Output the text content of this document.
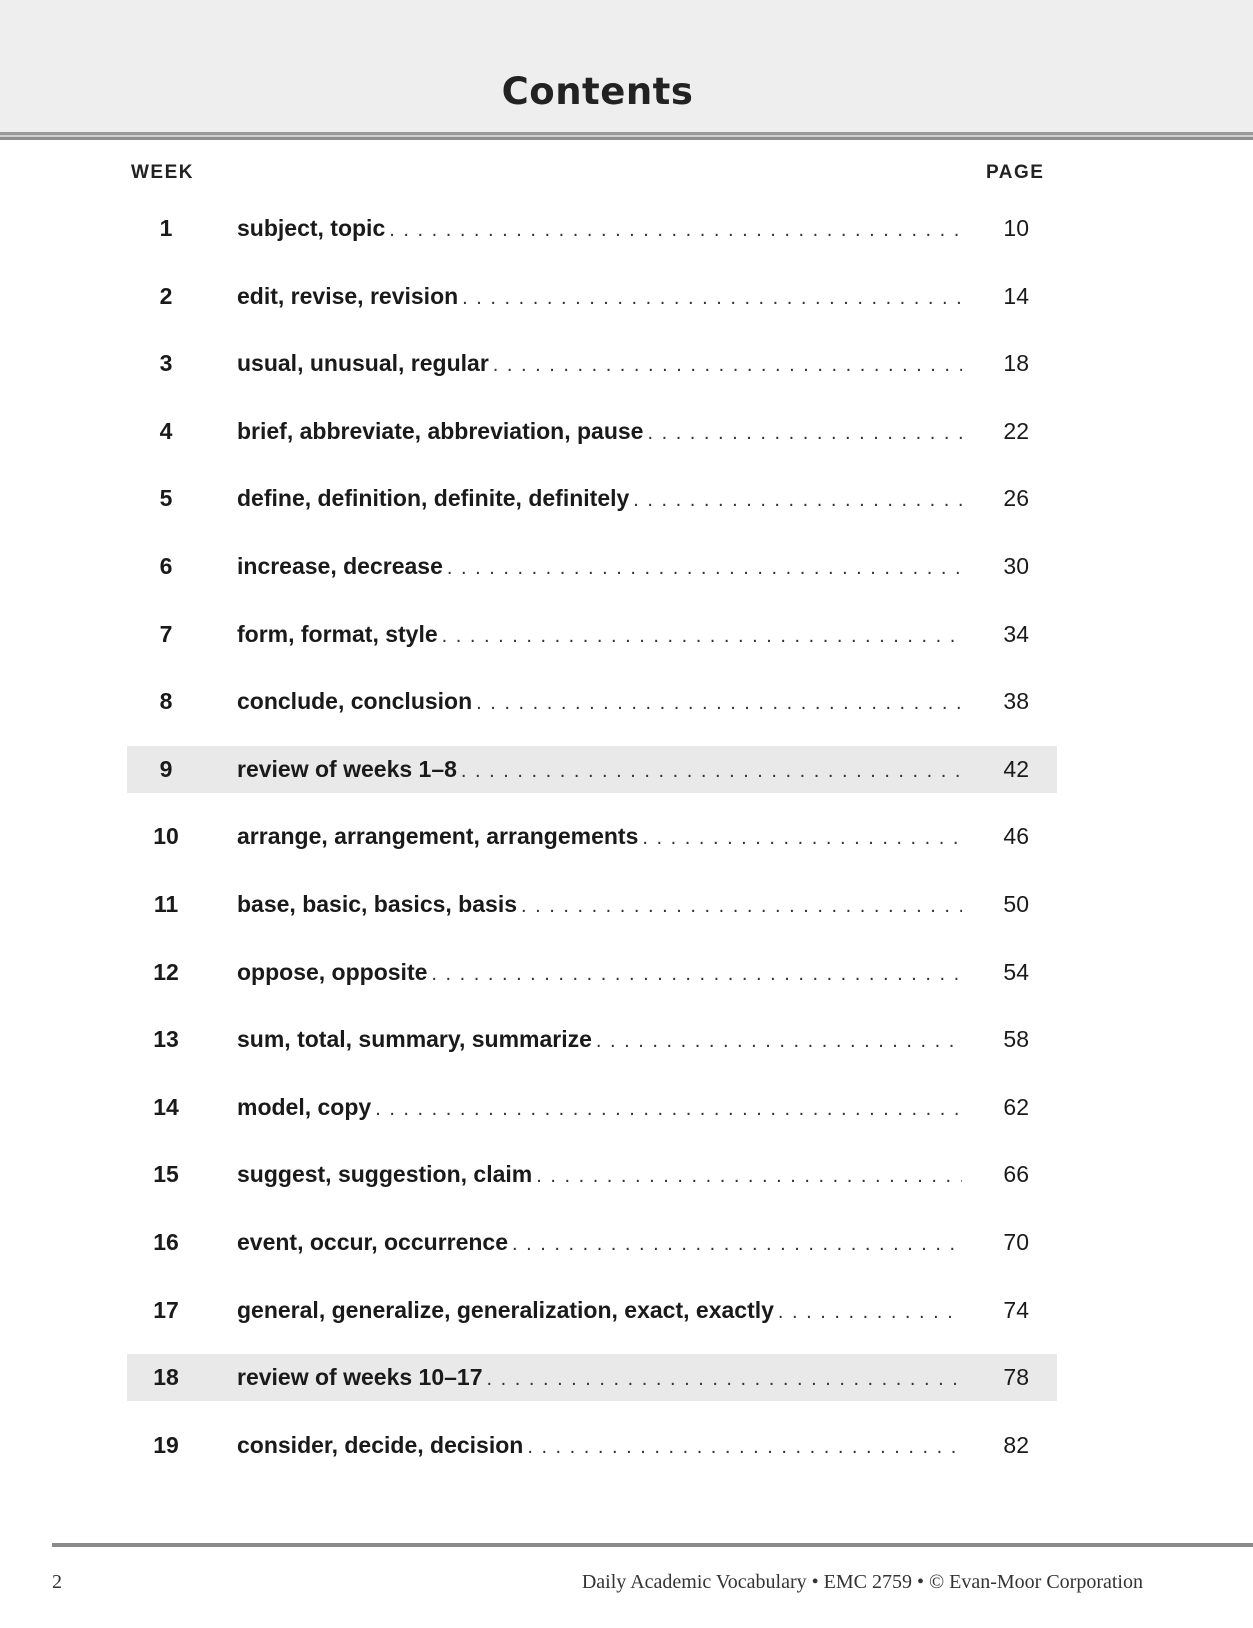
Contents
WEEK	PAGE
1	subject, topic . . .	10
2	edit, revise, revision . . .	14
3	usual, unusual, regular . . .	18
4	brief, abbreviate, abbreviation, pause . . .	22
5	define, definition, definite, definitely . . .	26
6	increase, decrease . . .	30
7	form, format, style . . .	34
8	conclude, conclusion . . .	38
9	review of weeks 1–8 . . .	42
10	arrange, arrangement, arrangements . . .	46
11	base, basic, basics, basis . . .	50
12	oppose, opposite . . .	54
13	sum, total, summary, summarize . . .	58
14	model, copy . . .	62
15	suggest, suggestion, claim . . .	66
16	event, occur, occurrence . . .	70
17	general, generalize, generalization, exact, exactly . . .	74
18	review of weeks 10–17 . . .	78
19	consider, decide, decision . . .	82
2	Daily Academic Vocabulary • EMC 2759 • © Evan-Moor Corporation
